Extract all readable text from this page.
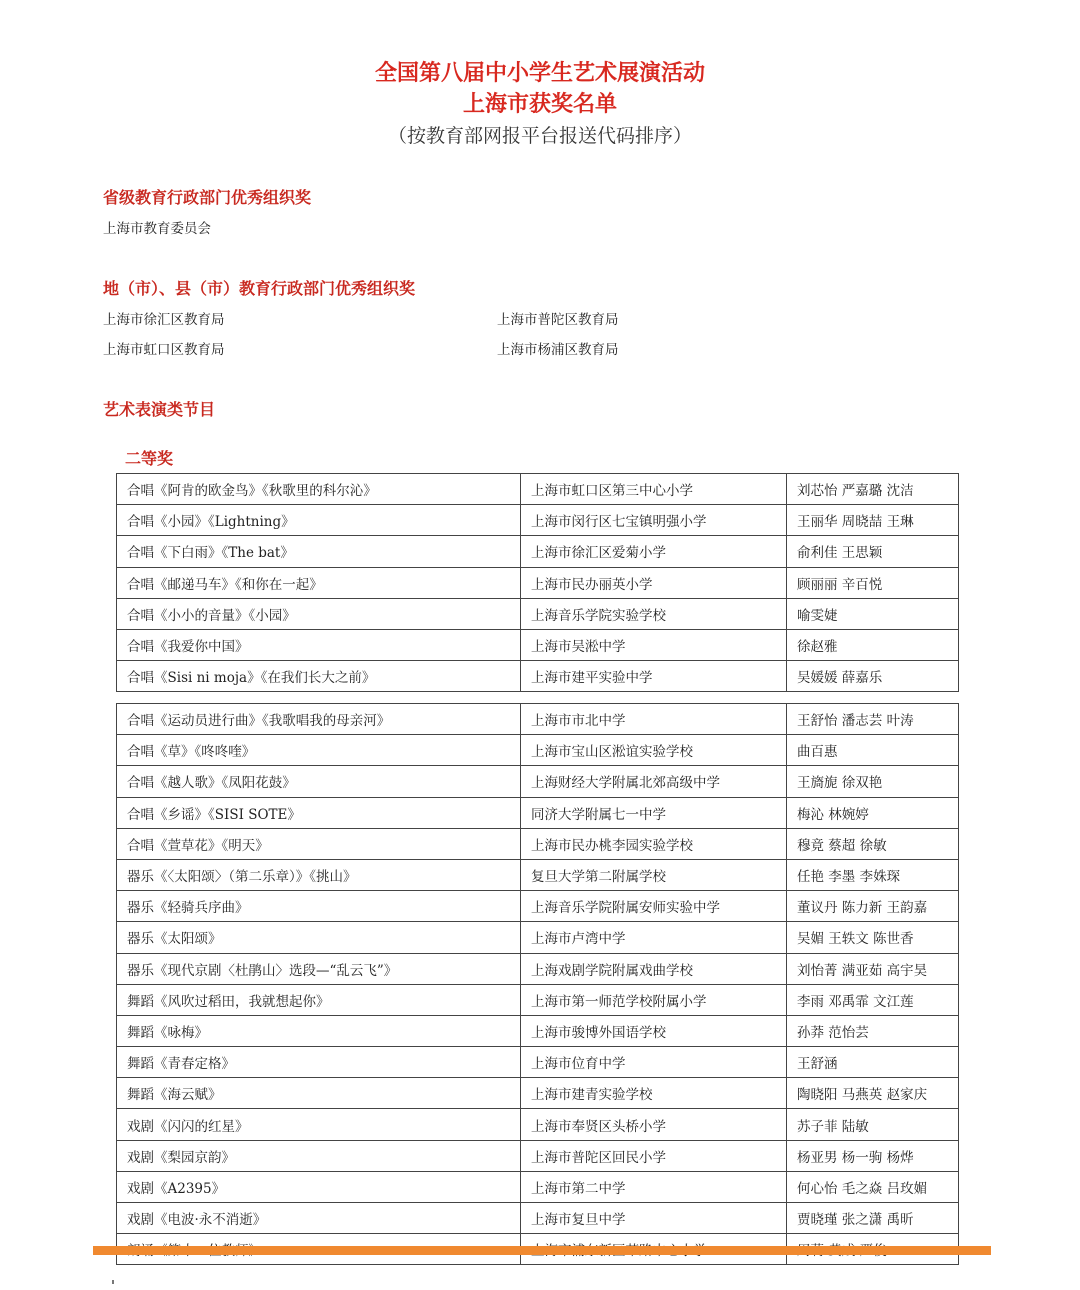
全国第八届中小学生艺术展演活动
上海市获奖名单
（按教育部网报平台报送代码排序）
省级教育行政部门优秀组织奖
上海市教育委员会
地（市）、县（市）教育行政部门优秀组织奖
上海市徐汇区教育局	上海市普陀区教育局
上海市虹口区教育局	上海市杨浦区教育局
艺术表演类节目
二等奖
合唱《阿肯的欧金鸟》《秋歌里的科尔沁》	上海市虹口区第三中心小学	刘芯怡 严嘉璐 沈洁
合唱《小园》《Lightning》	上海市闵行区七宝镇明强小学	王丽华 周晓喆 王琳
合唱《下白雨》《The bat》	上海市徐汇区爱菊小学	俞利佳 王思颖
合唱《邮递马车》《和你在一起》	上海市民办丽英小学	顾丽丽 辛百悦
合唱《小小的音量》《小园》	上海音乐学院实验学校	喻雯婕
合唱《我爱你中国》	上海市吴淞中学	徐赵雅
合唱《Sisi ni moja》《在我们长大之前》	上海市建平实验中学	吴媛媛 薛嘉乐
合唱《运动员进行曲》《我歌唱我的母亲河》	上海市市北中学	王舒怡 潘志芸 叶涛
合唱《草》《咚咚喹》	上海市宝山区淞谊实验学校	曲百惠
合唱《越人歌》《凤阳花鼓》	上海财经大学附属北郊高级中学	王旖旎 徐双艳
合唱《乡谣》《SISI SOTE》	同济大学附属七一中学	梅沁 林婉婷
合唱《萱草花》《明天》	上海市民办桃李园实验学校	穆竟 蔡超 徐敏
器乐《〈太阳颂〉（第二乐章）》《挑山》	复旦大学第二附属学校	任艳 李墨 李姝琛
器乐《轻骑兵序曲》	上海音乐学院附属安师实验中学	董议丹 陈力新 王韵嘉
器乐《太阳颂》	上海市卢湾中学	吴媚 王轶文 陈世香
器乐《现代京剧〈杜鹃山〉选段—“乱云飞”》	上海戏剧学院附属戏曲学校	刘怡菁 满亚茹 高宇昊
舞蹈《风吹过稻田，我就想起你》	上海市第一师范学校附属小学	李雨 邓禹霏 文江莲
舞蹈《咏梅》	上海市骏博外国语学校	孙莽 范怡芸
舞蹈《青春定格》	上海市位育中学	王舒涵
舞蹈《海云赋》	上海市建青实验学校	陶晓阳 马燕英 赵家庆
戏剧《闪闪的红星》	上海市奉贤区头桥小学	苏子菲 陆敏
戏剧《梨园京韵》	上海市普陀区回民小学	杨亚男 杨一驹 杨烨
戏剧《A2395》	上海市第二中学	何心怡 毛之焱 吕玫媚
戏剧《电波·永不消逝》	上海市复旦中学	贾晓瑾 张之潇 禹昕
